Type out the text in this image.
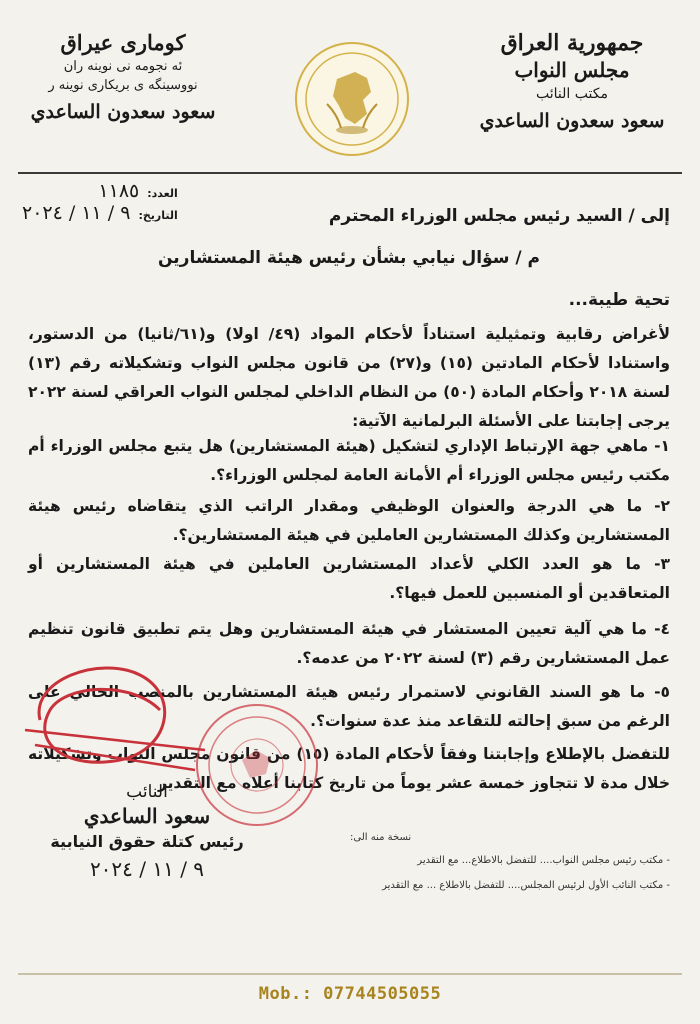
جمهورية العراق
مجلس النواب
مكتب النائب
سعود سعدون الساعدي
كوماری عیراق
ئه نجومه نی نوینه ران
نووسینگه ی بریکاری نوینه ر
سعود سعدون الساعدي
العدد:
١١٨٥
التاريخ:
٩ / ١١ / ٢٠٢٤	إلى / السيد رئيس مجلس الوزراء المحترم
م / سؤال نيابي بشأن رئيس هيئة المستشارين
تحية طيبة...
لأغراض رقابية وتمثيلية استناداً لأحكام المواد (٤٩/ اولا) و(٦١/ثانيا) من الدستور، واستنادا لأحكام المادتين (١٥) و(٢٧) من قانون مجلس النواب وتشكيلاته رقم (١٣) لسنة ٢٠١٨ وأحكام المادة (٥٠) من النظام الداخلي لمجلس النواب العراقي لسنة ٢٠٢٢ يرجى إجابتنا على الأسئلة البرلمانية الآتية:
١- ماهي جهة الإرتباط الإداري لتشكيل (هيئة المستشارين) هل يتبع مجلس الوزراء أم مكتب رئيس مجلس الوزراء أم الأمانة العامة لمجلس الوزراء؟.
٢- ما هي الدرجة والعنوان الوظيفي ومقدار الراتب الذي يتقاضاه رئيس هيئة المستشارين وكذلك المستشارين العاملين في هيئة المستشارين؟.
٣- ما هو العدد الكلي لأعداد المستشارين العاملين في هيئة المستشارين أو المتعاقدين أو المنسبين للعمل فيها؟.
٤- ما هي آلية تعيين المستشار في هيئة المستشارين وهل يتم تطبيق قانون تنظيم عمل المستشارين رقم (٣) لسنة ٢٠٢٢ من عدمه؟.
٥- ما هو السند القانوني لاستمرار رئيس هيئة المستشارين بالمنصب الحالي على الرغم من سبق إحالته للتقاعد منذ عدة سنوات؟.
للتفضل بالإطلاع وإجابتنا وفقاً لأحكام المادة (١٥) من قانون مجلس النواب وتشكيلاته خلال مدة لا تتجاوز خمسة عشر يوماً من تاريخ كتابنا أعلاه مع التقدير
النائب
سعود الساعدي
رئيس كتلة حقوق النيابية
٩ / ١١ / ٢٠٢٤
نسخة منه الى:
- مكتب رئيس مجلس النواب.... للتفضل بالاطلاع... مع التقدير
- مكتب النائب الأول لرئيس المجلس.... للتفضل بالاطلاع ... مع التقدير
Mob.: 07744505055
